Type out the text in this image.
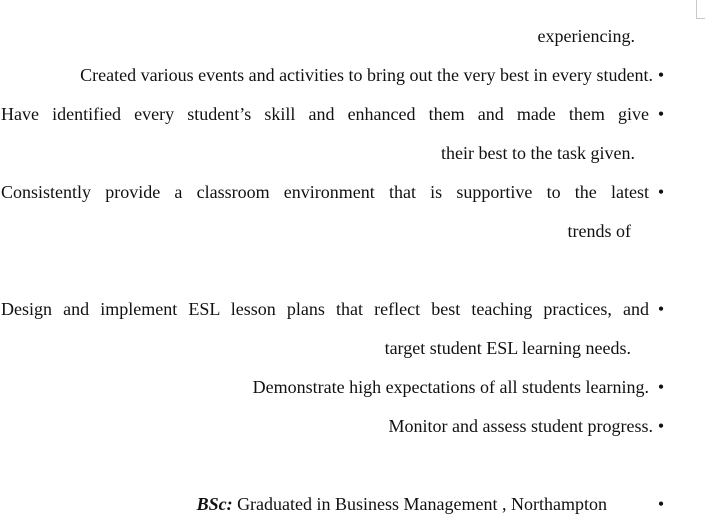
experiencing.
Created various events and activities to bring out the very best in every student. •
Have identified every student’s skill and enhanced them and made them give •
their best to the task given.
Consistently provide a classroom environment that is supportive to the latest •
trends of
Design and implement ESL lesson plans that reflect best teaching practices, and •
target student ESL learning needs.
Demonstrate high expectations of all students learning. •
Monitor and assess student progress. •
BSc: Graduated in Business Management , Northampton	•
